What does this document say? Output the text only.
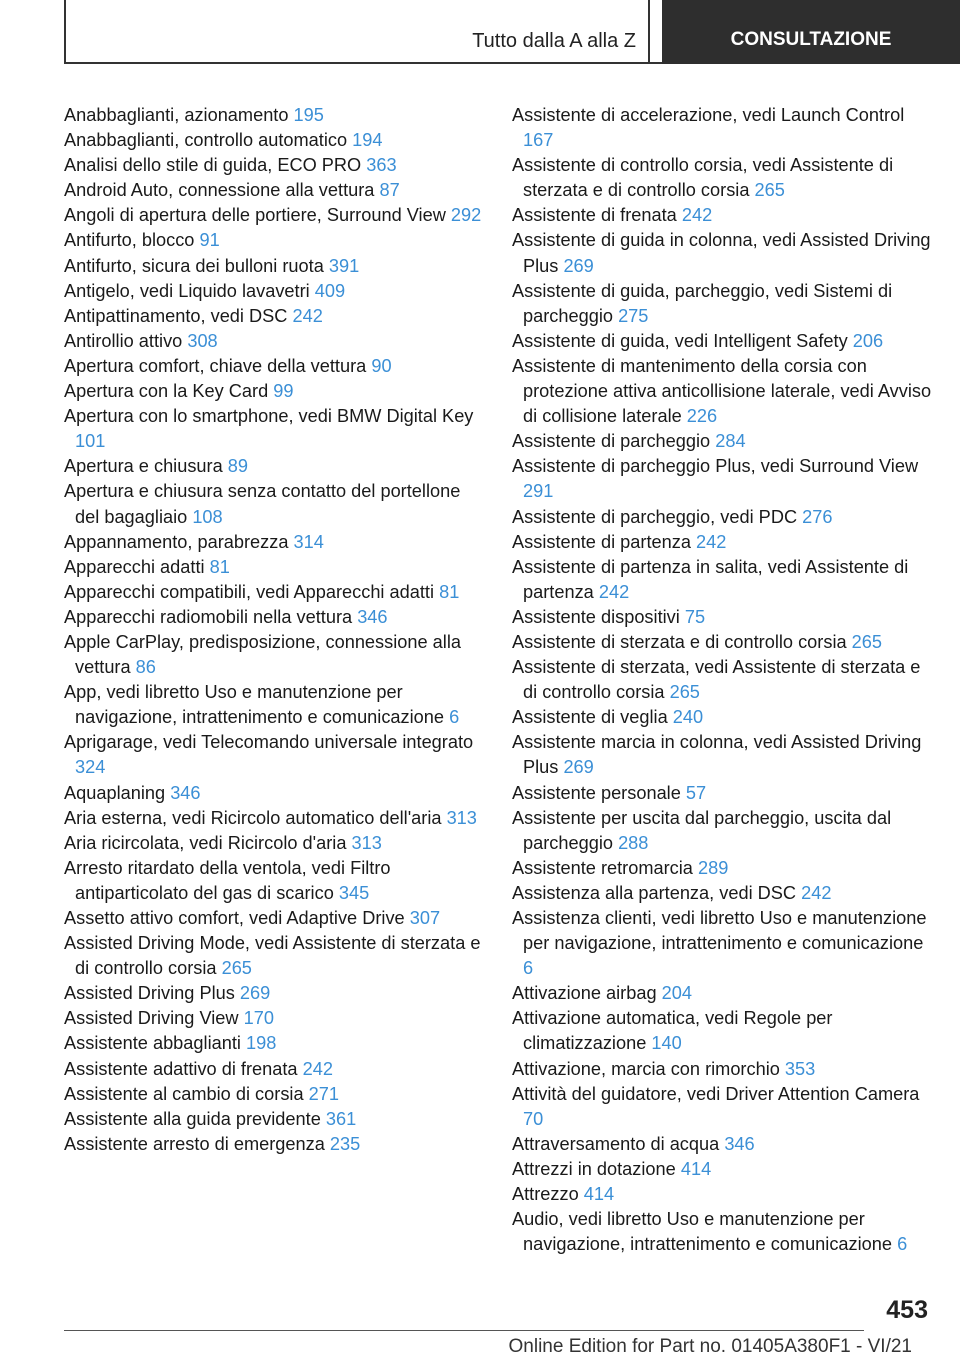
Tutto dalla A alla Z	CONSULTAZIONE
Anabbaglianti, azionamento 195
Anabbaglianti, controllo automatico 194
Analisi dello stile di guida, ECO PRO 363
Android Auto, connessione alla vettura 87
Angoli di apertura delle portiere, Surround View 292
Antifurto, blocco 91
Antifurto, sicura dei bulloni ruota 391
Antigelo, vedi Liquido lavavetri 409
Antipattinamento, vedi DSC 242
Antirollio attivo 308
Apertura comfort, chiave della vettura 90
Apertura con la Key Card 99
Apertura con lo smartphone, vedi BMW Digital Key 101
Apertura e chiusura 89
Apertura e chiusura senza contatto del portellone del bagagliaio 108
Appannamento, parabrezza 314
Apparecchi adatti 81
Apparecchi compatibili, vedi Apparecchi adatti 81
Apparecchi radiomobili nella vettura 346
Apple CarPlay, predisposizione, connessione alla vettura 86
App, vedi libretto Uso e manutenzione per navigazione, intrattenimento e comunicazione 6
Aprigarage, vedi Telecomando universale integrato 324
Aquaplaning 346
Aria esterna, vedi Ricircolo automatico dell'aria 313
Aria ricircolata, vedi Ricircolo d'aria 313
Arresto ritardato della ventola, vedi Filtro antiparticolato del gas di scarico 345
Assetto attivo comfort, vedi Adaptive Drive 307
Assisted Driving Mode, vedi Assistente di sterzata e di controllo corsia 265
Assisted Driving Plus 269
Assisted Driving View 170
Assistente abbaglianti 198
Assistente adattivo di frenata 242
Assistente al cambio di corsia 271
Assistente alla guida previdente 361
Assistente arresto di emergenza 235
Assistente di accelerazione, vedi Launch Control 167
Assistente di controllo corsia, vedi Assistente di sterzata e di controllo corsia 265
Assistente di frenata 242
Assistente di guida in colonna, vedi Assisted Driving Plus 269
Assistente di guida, parcheggio, vedi Sistemi di parcheggio 275
Assistente di guida, vedi Intelligent Safety 206
Assistente di mantenimento della corsia con protezione attiva anticollisione laterale, vedi Avviso di collisione laterale 226
Assistente di parcheggio 284
Assistente di parcheggio Plus, vedi Surround View 291
Assistente di parcheggio, vedi PDC 276
Assistente di partenza 242
Assistente di partenza in salita, vedi Assistente di partenza 242
Assistente dispositivi 75
Assistente di sterzata e di controllo corsia 265
Assistente di sterzata, vedi Assistente di sterzata e di controllo corsia 265
Assistente di veglia 240
Assistente marcia in colonna, vedi Assisted Driving Plus 269
Assistente personale 57
Assistente per uscita dal parcheggio, uscita dal parcheggio 288
Assistente retromarcia 289
Assistenza alla partenza, vedi DSC 242
Assistenza clienti, vedi libretto Uso e manutenzione per navigazione, intrattenimento e comunicazione 6
Attivazione airbag 204
Attivazione automatica, vedi Regole per climatizzazione 140
Attivazione, marcia con rimorchio 353
Attività del guidatore, vedi Driver Attention Camera 70
Attraversamento di acqua 346
Attrezzi in dotazione 414
Attrezzo 414
Audio, vedi libretto Uso e manutenzione per navigazione, intrattenimento e comunicazione 6
453
Online Edition for Part no. 01405A380F1 - VI/21
